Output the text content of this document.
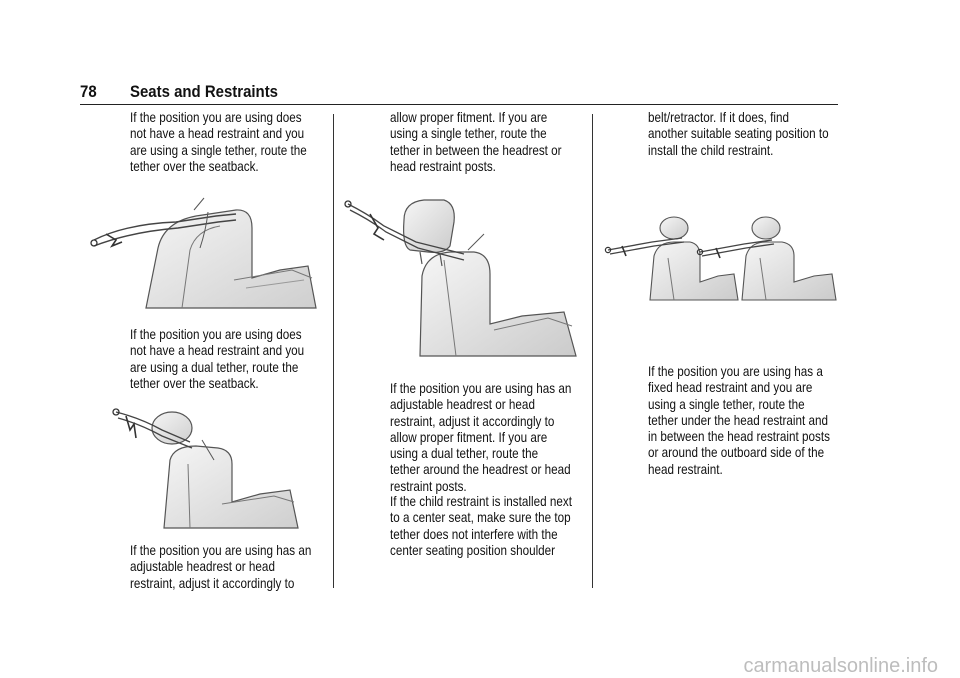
78 Seats and Restraints
If the position you are using does
not have a head restraint and you
are using a single tether, route the
tether over the seatback.
If the position you are using does
not have a head restraint and you
are using a dual tether, route the
tether over the seatback.
If the position you are using has an
adjustable headrest or head
restraint, adjust it accordingly to
allow proper fitment. If you are
using a single tether, route the
tether in between the headrest or
head restraint posts.
If the position you are using has an
adjustable headrest or head
restraint, adjust it accordingly to
allow proper fitment. If you are
using a dual tether, route the
tether around the headrest or head
restraint posts.
If the child restraint is installed next
to a center seat, make sure the top
tether does not interfere with the
center seating position shoulder
belt/retractor. If it does, find
another suitable seating position to
install the child restraint.
If the position you are using has a
fixed head restraint and you are
using a single tether, route the
tether under the head restraint and
in between the head restraint posts
or around the outboard side of the
head restraint.
carmanualsonline.info
